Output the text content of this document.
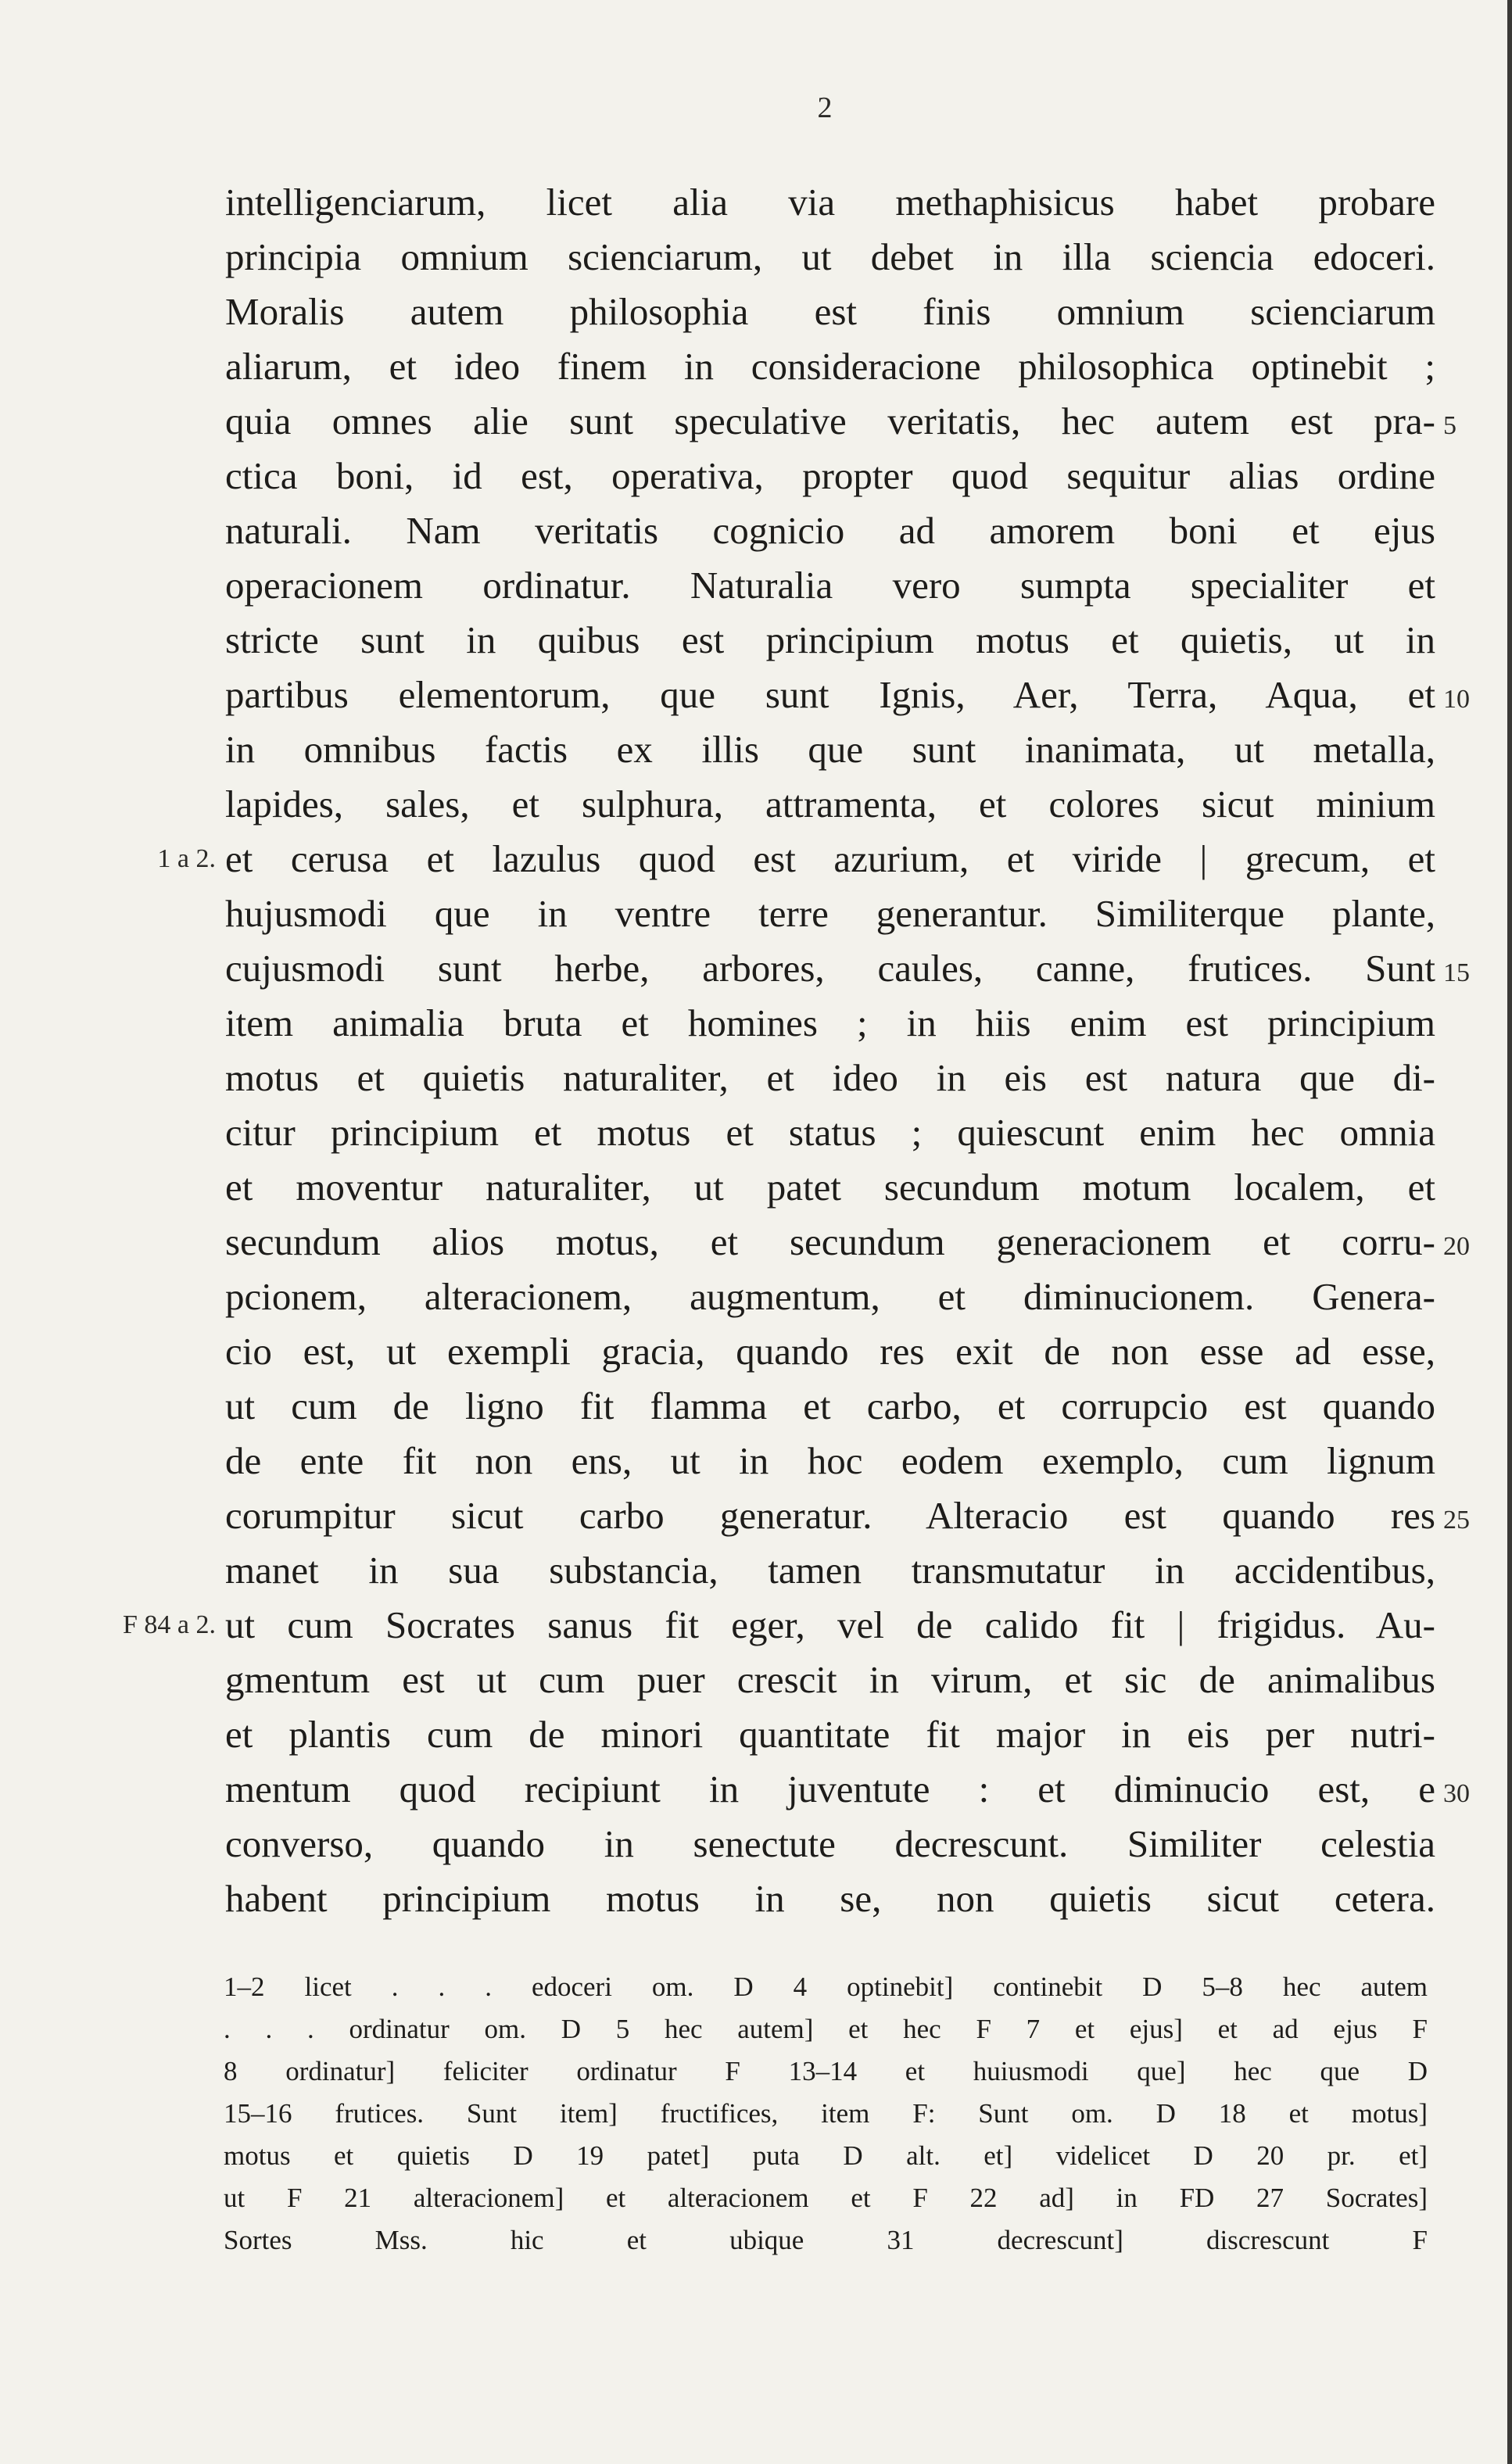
2
intelligenciarum, licet alia via methaphisicus habet probare
principia omnium scienciarum, ut debet in illa sciencia edoceri.
Moralis autem philosophia est finis omnium scienciarum
aliarum, et ideo finem in consideracione philosophica optinebit ;
quia omnes alie sunt speculative veritatis, hec autem est pra- 5
ctica boni, id est, operativa, propter quod sequitur alias ordine
naturali. Nam veritatis cognicio ad amorem boni et ejus
operacionem ordinatur. Naturalia vero sumpta specialiter et
stricte sunt in quibus est principium motus et quietis, ut in
partibus elementorum, que sunt Ignis, Aer, Terra, Aqua, et 10
in omnibus factis ex illis que sunt inanimata, ut metalla,
lapides, sales, et sulphura, attramenta, et colores sicut minium
et cerusa et lazulus quod est azurium, et viride | grecum, et
1 a 2.
hujusmodi que in ventre terre generantur. Similiterque plante,
cujusmodi sunt herbe, arbores, caules, canne, frutices. Sunt 15
item animalia bruta et homines ; in hiis enim est principium
motus et quietis naturaliter, et ideo in eis est natura que di-
citur principium et motus et status ; quiescunt enim hec omnia
et moventur naturaliter, ut patet secundum motum localem, et
secundum alios motus, et secundum generacionem et corru- 20
pcionem, alteracionem, augmentum, et diminucionem. Genera-
cio est, ut exempli gracia, quando res exit de non esse ad esse,
ut cum de ligno fit flamma et carbo, et corrupcio est quando
de ente fit non ens, ut in hoc eodem exemplo, cum lignum
corumpitur sicut carbo generatur. Alteracio est quando res 25
manet in sua substancia, tamen transmutatur in accidentibus,
ut cum Socrates sanus fit eger, vel de calido fit | frigidus. Au-
F 84 a 2.
gmentum est ut cum puer crescit in virum, et sic de animalibus
et plantis cum de minori quantitate fit major in eis per nutri-
mentum quod recipiunt in juventute : et diminucio est, e 30
converso, quando in senectute decrescunt. Similiter celestia
habent principium motus in se, non quietis sicut cetera.
1–2 licet . . . edoceri om. D 4 optinebit] continebit D 5–8 hec autem
. . . ordinatur om. D 5 hec autem] et hec F 7 et ejus] et ad ejus F
8 ordinatur] feliciter ordinatur F 13–14 et huiusmodi que] hec que D
15–16 frutices. Sunt item] fructifices, item F: Sunt om. D 18 et motus]
motus et quietis D 19 patet] puta D alt. et] videlicet D 20 pr. et]
ut F 21 alteracionem] et alteracionem et F 22 ad] in FD 27 Socrates]
Sortes Mss. hic et ubique 31 decrescunt] discrescunt F
